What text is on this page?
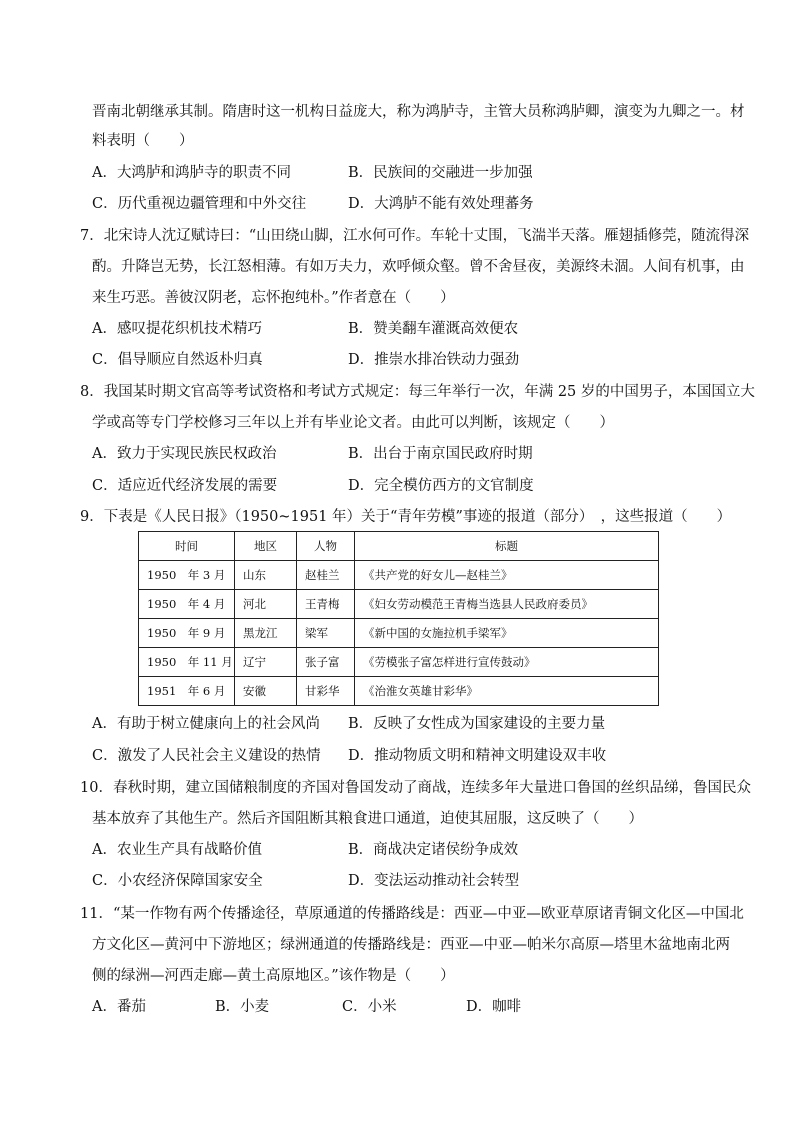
晋南北朝继承其制。隋唐时这一机构日益庞大，称为鸿胪寺，主管大员称鸿胪卿，演变为九卿之一。材
料表明（　　）
A．大鸿胪和鸿胪寺的职责不同	B．民族间的交融进一步加强
C．历代重视边疆管理和中外交往	D．大鸿胪不能有效处理蕃务
7．北宋诗人沈辽赋诗曰：“山田绕山脚，江水何可作。车轮十丈围，飞湍半天落。雁翅插修莞，随流得深
酌。升降岂无势，长江怒相薄。有如万夫力，欢呼倾众壑。曾不舍昼夜，美源终未涸。人间有机事，由
来生巧恶。善彼汉阴老，忘怀抱纯朴。”作者意在（　　）
A．感叹提花织机技术精巧	B．赞美翻车灌溉高效便农
C．倡导顺应自然返朴归真	D．推崇水排冶铁动力强劲
8．我国某时期文官高等考试资格和考试方式规定：每三年举行一次，年满 25 岁的中国男子，本国国立大
学或高等专门学校修习三年以上并有毕业论文者。由此可以判断，该规定（　　）
A．致力于实现民族民权政治	B．出台于南京国民政府时期
C．适应近代经济发展的需要	D．完全模仿西方的文官制度
9．下表是《人民日报》（1950~1951 年）关于“青年劳模”事迹的报道（部分）　，这些报道（　　）
时间	地区	人物	标题
1950　年 3 月	山东	赵桂兰	《共产党的好女儿—赵桂兰》
1950　年 4 月	河北	王青梅	《妇女劳动模范王青梅当选县人民政府委员》
1950　年 9 月	黑龙江	梁军	《新中国的女施拉机手梁军》
1950　年 11 月	辽宁	张子富	《劳模张子富怎样进行宣传鼓动》
1951　年 6 月	安徽	甘彩华	《治淮女英雄甘彩华》
A．有助于树立健康向上的社会风尚 B．反映了女性成为国家建设的主要力量
C．激发了人民社会主义建设的热情 D．推动物质文明和精神文明建设双丰收
10．春秋时期，建立国储粮制度的齐国对鲁国发动了商战，连续多年大量进口鲁国的丝织品绨，鲁国民众
基本放弃了其他生产。然后齐国阻断其粮食进口通道，迫使其屈服，这反映了（　　）
A．农业生产具有战略价值	B．商战决定诸侯纷争成效
C．小农经济保障国家安全	D．变法运动推动社会转型
11．“某一作物有两个传播途径，草原通道的传播路线是：西亚—中亚—欧亚草原诸青铜文化区—中国北
方文化区—黄河中下游地区；绿洲通道的传播路线是：西亚—中亚—帕米尔高原—塔里木盆地南北两
侧的绿洲—河西走廊—黄土高原地区。”该作物是（　　）
A．番茄	B．小麦	C．小米	D．咖啡
